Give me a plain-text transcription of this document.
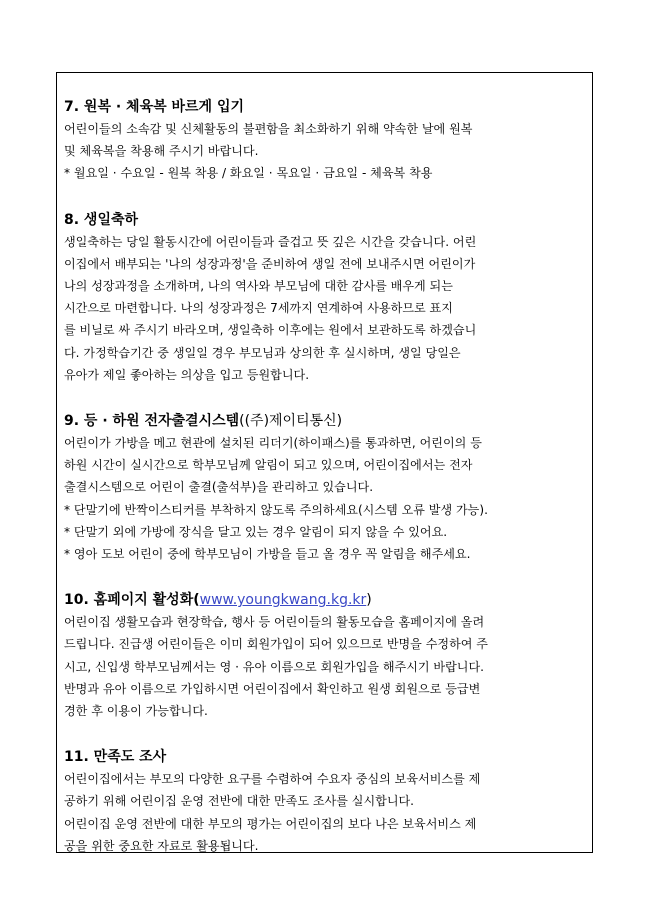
7. 원복 · 체육복 바르게 입기
어린이들의 소속감 및 신체활동의 불편함을 최소화하기 위해 약속한 날에 원복
및 체육복을 착용해 주시기 바랍니다.
* 월요일 · 수요일 - 원복 착용 / 화요일 · 목요일 · 금요일 - 체육복 착용
8. 생일축하
생일축하는 당일 활동시간에 어린이들과 즐겁고 뜻 깊은 시간을 갖습니다. 어린
이집에서 배부되는 '나의 성장과정'을 준비하여 생일 전에 보내주시면 어린이가
나의 성장과정을 소개하며, 나의 역사와 부모님에 대한 감사를 배우게 되는
시간으로 마련합니다. 나의 성장과정은 7세까지 연계하여 사용하므로 표지
를 비닐로 싸 주시기 바라오며, 생일축하 이후에는 원에서 보관하도록 하겠습니
다. 가정학습기간 중 생일일 경우 부모님과 상의한 후 실시하며, 생일 당일은
유아가 제일 좋아하는 의상을 입고 등원합니다.
9. 등 · 하원 전자출결시스템((주)제이티통신)
어린이가 가방을 메고 현관에 설치된 리더기(하이패스)를 통과하면, 어린이의 등
하원 시간이 실시간으로 학부모님께 알림이 되고 있으며, 어린이집에서는 전자
출결시스템으로 어린이 출결(출석부)을 관리하고 있습니다.
* 단말기에 반짝이스티커를 부착하지 않도록 주의하세요(시스템 오류 발생 가능).
* 단말기 외에 가방에 장식을 달고 있는 경우 알림이 되지 않을 수 있어요.
* 영아 도보 어린이 중에 학부모님이 가방을 들고 올 경우 꼭 알림을 해주세요.
10. 홈페이지 활성화(www.youngkwang.kg.kr)
어린이집 생활모습과 현장학습, 행사 등 어린이들의 활동모습을 홈페이지에 올려
드립니다. 진급생 어린이들은 이미 회원가입이 되어 있으므로 반명을 수정하여 주
시고, 신입생 학부모님께서는 영 · 유아 이름으로 회원가입을 해주시기 바랍니다.
반명과 유아 이름으로 가입하시면 어린이집에서 확인하고 원생 회원으로 등급변
경한 후 이용이 가능합니다.
11. 만족도 조사
어린이집에서는 부모의 다양한 요구를 수렴하여 수요자 중심의 보육서비스를 제
공하기 위해 어린이집 운영 전반에 대한 만족도 조사를 실시합니다.
어린이집 운영 전반에 대한 부모의 평가는 어린이집의 보다 나은 보육서비스 제
공을 위한 중요한 자료로 활용됩니다.
